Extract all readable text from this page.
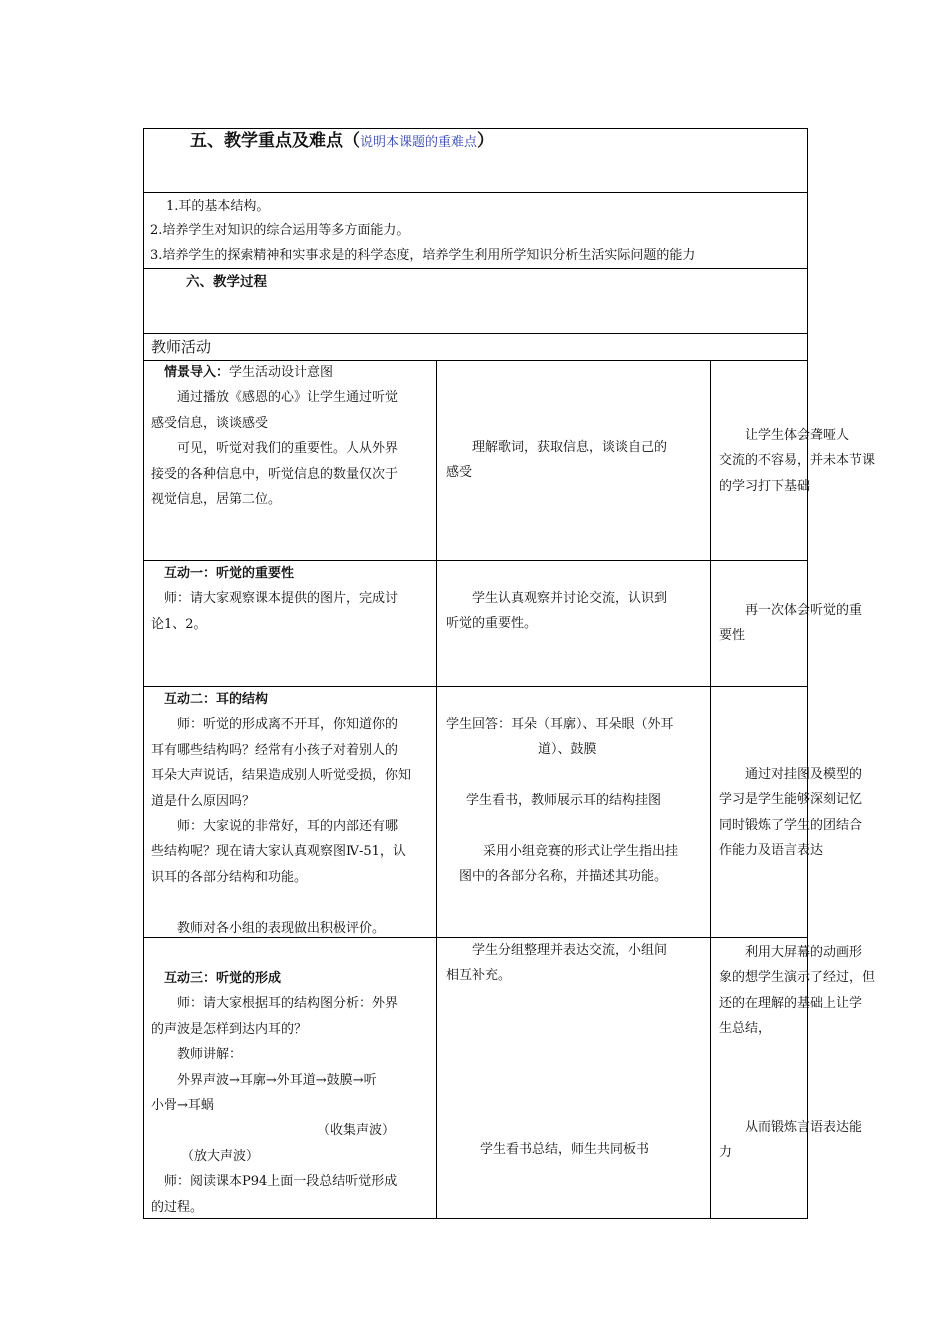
五、教学重点及难点（说明本课题的重难点）
1.耳的基本结构。
2.培养学生对知识的综合运用等多方面能力。
3.培养学生的探索精神和实事求是的科学态度，培养学生利用所学知识分析生活实际问题的能力
六、教学过程
教师活动
情景导入：学生活动设计意图
通过播放《感恩的心》让学生通过听觉
感受信息，谈谈感受
可见，听觉对我们的重要性。人从外界
接受的各种信息中，听觉信息的数量仅次于
视觉信息，居第二位。
理解歌词，获取信息，谈谈自己的
感受
让学生体会聋哑人
交流的不容易，并未本节课
的学习打下基础
互动一：听觉的重要性
师：请大家观察课本提供的图片，完成讨
论1、2。
学生认真观察并讨论交流，认识到
听觉的重要性。
再一次体会听觉的重
要性
互动二：耳的结构
师：听觉的形成离不开耳，你知道你的
耳有哪些结构吗？经常有小孩子对着别人的
耳朵大声说话，结果造成别人听觉受损，你知
道是什么原因吗？
师：大家说的非常好，耳的内部还有哪
些结构呢？现在请大家认真观察图Ⅳ-51，认
识耳的各部分结构和功能。
教师对各小组的表现做出积极评价。
学生回答：耳朵（耳廓）、耳朵眼（外耳
道）、鼓膜
学生看书，教师展示耳的结构挂图
采用小组竞赛的形式让学生指出挂
图中的各部分名称，并描述其功能。
通过对挂图及模型的
学习是学生能够深刻记忆
同时锻炼了学生的团结合
作能力及语言表达
互动三：听觉的形成
师：请大家根据耳的结构图分析：外界
的声波是怎样到达内耳的？
教师讲解：
外界声波→耳廓→外耳道→鼓膜→听
小骨→耳蜗
（收集声波）
（放大声波）
师：阅读课本P94上面一段总结听觉形成
的过程。
学生分组整理并表达交流，小组间
相互补充。
学生看书总结，师生共同板书
利用大屏幕的动画形
象的想学生演示了经过，但
还的在理解的基础上让学
生总结，
从而锻炼言语表达能
力
